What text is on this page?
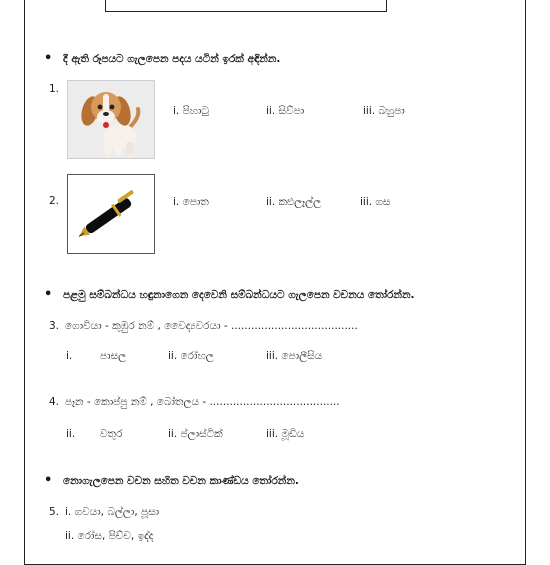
• දී ඇති රූපයට ගැලපෙන පදය යටින් ඉරක් අඳින්න.
1.
i. පිහාටු	ii. සිව්පා	iii. බහුපා
2.	i. පොත	ii. කළුලෑල්ල	iii. ගස
• පළමු සම්බන්ධය හඳුනාගෙන දෙවෙනි සම්බන්ධයට ගැලපෙන වචනය තෝරන්න.
3. ගොවියා - කුඹුර නම් , වෛද්‍යවරයා - ......................................
i.	පාසල	ii. රෝහල	iii. පොලීසිය
4. පෑන - කොප්පු නම් , බෝතලය - .......................................
ii. වතුර	ii. ප්ලාස්ටික්	iii. මූඩිය
• නොගැලපෙන වචන සහිත වචන කාණ්ඩය තෝරන්න.
5. i. ගවයා, බල්ලා, පූසා
ii. රෝස, පිච්ච, ඉද්ද
